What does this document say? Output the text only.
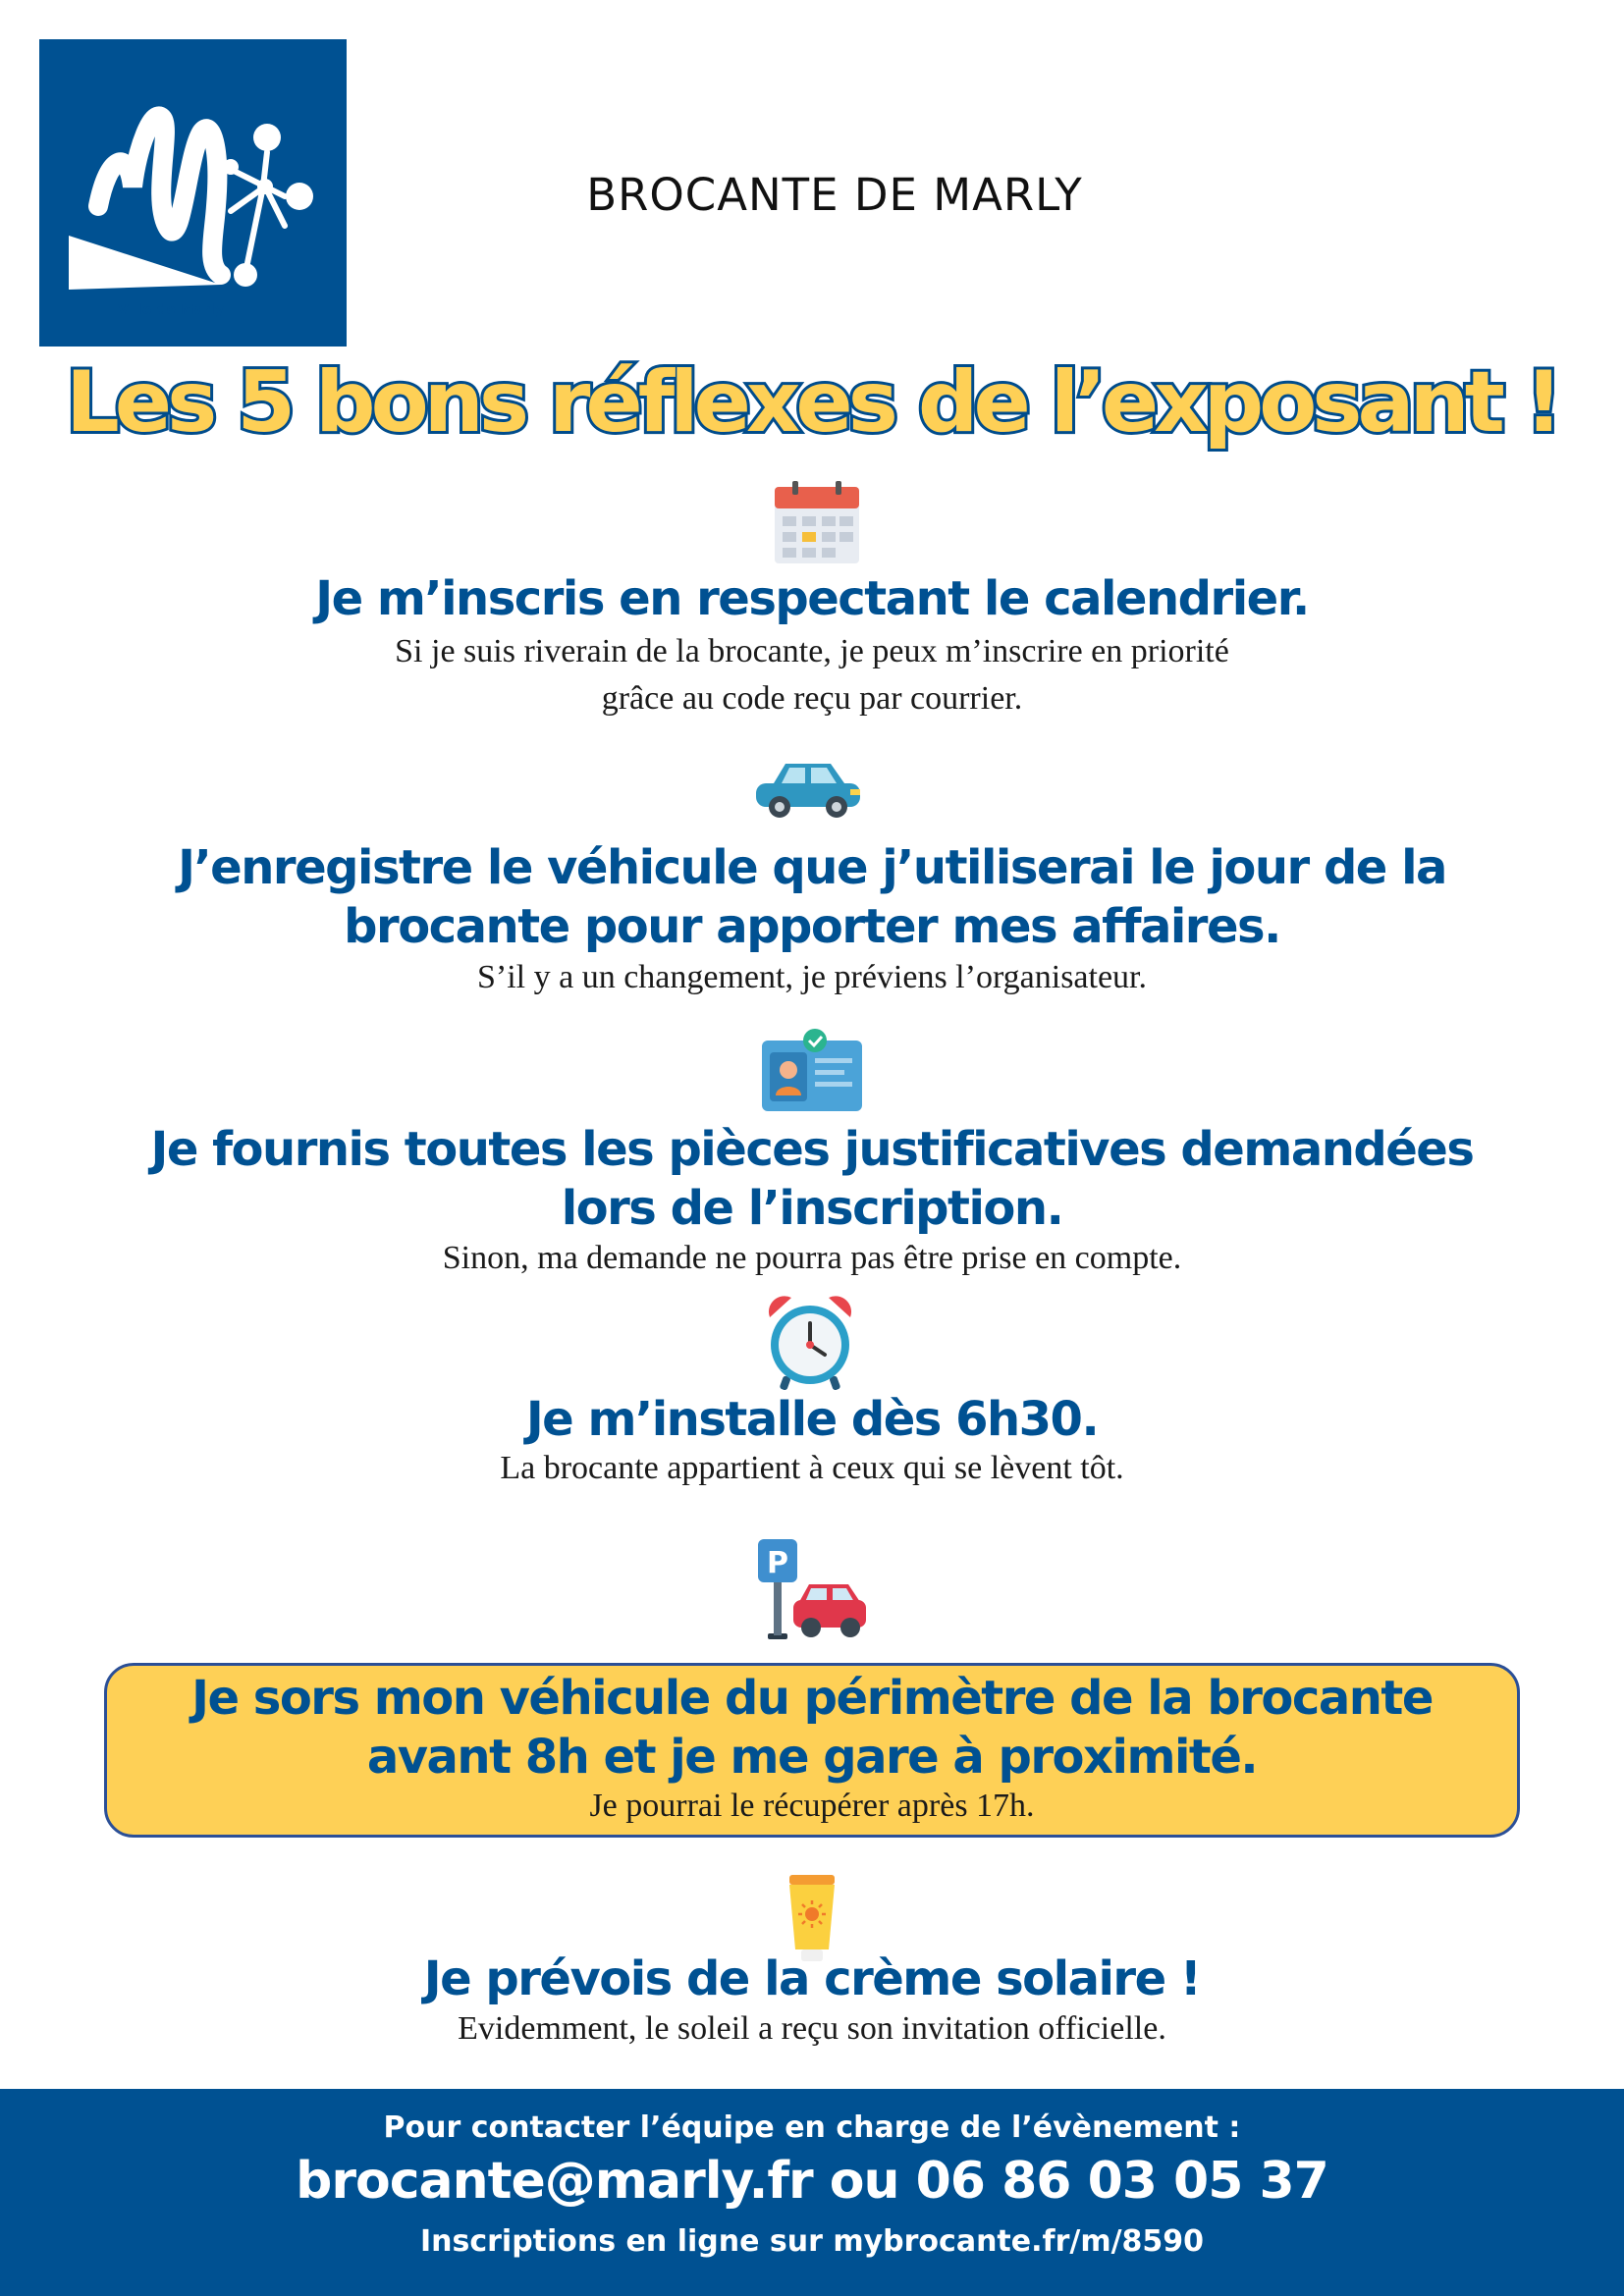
Ville de Marly
BROCANTE DE MARLY
Les 5 bons réflexes de l’exposant !
Je m’inscris en respectant le calendrier.
Si je suis riverain de la brocante, je peux m’inscrire en priorité
grâce au code reçu par courrier.
J’enregistre le véhicule que j’utiliserai le jour de la
brocante pour apporter mes affaires.
S’il y a un changement, je préviens l’organisateur.
Je fournis toutes les pièces justificatives demandées
lors de l’inscription.
Sinon, ma demande ne pourra pas être prise en compte.
Je m’installe dès 6h30.
La brocante appartient à ceux qui se lèvent tôt.
P
Je sors mon véhicule du périmètre de la brocante
avant 8h et je me gare à proximité.
Je pourrai le récupérer après 17h.
Je prévois de la crème solaire !
Evidemment, le soleil a reçu son invitation officielle.
Pour contacter l’équipe en charge de l’évènement :
brocante@marly.fr ou 06 86 03 05 37
Inscriptions en ligne sur mybrocante.fr/m/8590
